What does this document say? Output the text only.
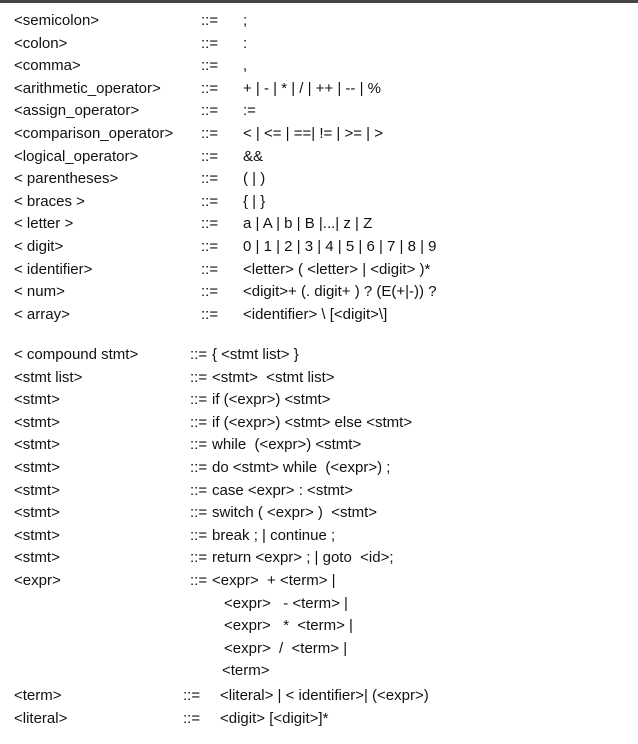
<semicolon>	::= ;
<colon>	::= :
<comma>	::= ,
<arithmetic_operator>	::= + | - | * | / | ++ | -- | %
<assign_operator>	::= :=
<comparison_operator> ::= < | <= | ==| != | >= | >
<logical_operator>	::= &&
< parentheses>	::= ( | )
< braces >	::= { | }
< letter >	::= a | A | b | B |...| z | Z
< digit>	::= 0 | 1 | 2 | 3 | 4 | 5 | 6 | 7 | 8 | 9
< identifier>	::= <letter> ( <letter> | <digit> )*
< num>	::= <digit>+ (. digit+ ) ? (E(+|-)) ?
< array>	::= <identifier> \ [<digit>\]
< compound stmt>	::= { <stmt list> }
<stmt list>	::= <stmt>  <stmt list>
<stmt>	::= if (<expr>) <stmt>
<stmt>	::= if (<expr>) <stmt> else <stmt>
<stmt>	::= while  (<expr>) <stmt>
<stmt>	::= do <stmt> while  (<expr>) ;
<stmt>	::= case <expr> : <stmt>
<stmt>	::= switch ( <expr> )  <stmt>
<stmt>	::= break ; | continue ;
<stmt>	::= return <expr> ; | goto  <id>;
<expr>	::= <expr>  + <term> |
<expr>   - <term> |
<expr>   *  <term> |
<expr>  /  <term> |
<term>
<term>	::= <literal> | < identifier>| (<expr>)
<literal>	::= <digit> [<digit>]*
